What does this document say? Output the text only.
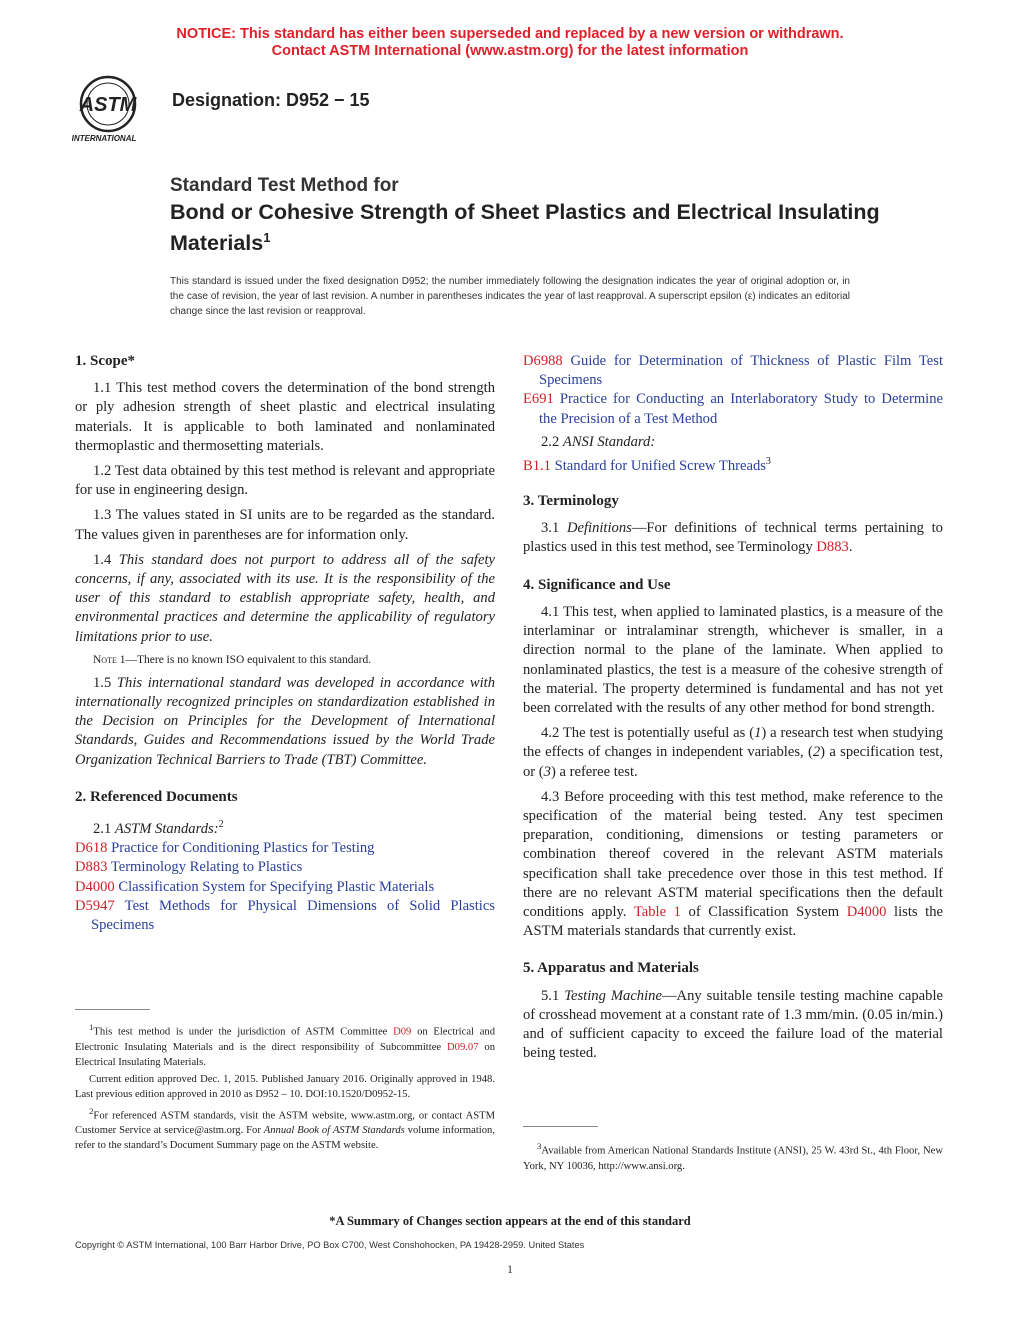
NOTICE: This standard has either been superseded and replaced by a new version or withdrawn.
Contact ASTM International (www.astm.org) for the latest information
ASTM
INTERNATIONAL
Designation: D952 − 15
Standard Test Method for
Bond or Cohesive Strength of Sheet Plastics and Electrical Insulating Materials$^1$
This standard is issued under the fixed designation D952; the number immediately following the designation indicates the year of original adoption or, in the case of revision, the year of last revision. A number in parentheses indicates the year of last reapproval. A superscript epsilon (ε) indicates an editorial change since the last revision or reapproval.
1. Scope*

1.1 This test method covers the determination of the bond strength or ply adhesion strength of sheet plastic and electrical insulating materials. It is applicable to both laminated and nonlaminated thermoplastic and thermosetting materials.

1.2 Test data obtained by this test method is relevant and appropriate for use in engineering design.

1.3 The values stated in SI units are to be regarded as the standard. The values given in parentheses are for information only.

1.4 This standard does not purport to address all of the safety concerns, if any, associated with its use. It is the responsibility of the user of this standard to establish appropriate safety, health, and environmental practices and determine the applicability of regulatory limitations prior to use.

Note 1—There is no known ISO equivalent to this standard.

1.5 This international standard was developed in accordance with internationally recognized principles on standardization established in the Decision on Principles for the Development of International Standards, Guides and Recommendations issued by the World Trade Organization Technical Barriers to Trade (TBT) Committee.

2. Referenced Documents

2.1 ASTM Standards:$^2$

D618 Practice for Conditioning Plastics for Testing
D883 Terminology Relating to Plastics
D4000 Classification System for Specifying Plastic Materials
D5947 Test Methods for Physical Dimensions of Solid Plastics Specimens
D6988 Guide for Determination of Thickness of Plastic Film Test Specimens
E691 Practice for Conducting an Interlaboratory Study to Determine the Precision of a Test Method

2.2 ANSI Standard:

B1.1 Standard for Unified Screw Threads$^3$
3. Terminology

3.1 Definitions—For definitions of technical terms pertaining to plastics used in this test method, see Terminology D883.

4. Significance and Use

4.1 This test, when applied to laminated plastics, is a measure of the interlaminar or intralaminar strength, whichever is smaller, in a direction normal to the plane of the laminate. When applied to nonlaminated plastics, the test is a measure of the cohesive strength of the material. The property determined is fundamental and has not yet been correlated with the results of any other method for bond strength.

4.2 The test is potentially useful as (1) a research test when studying the effects of changes in independent variables, (2) a specification test, or (3) a referee test.

4.3 Before proceeding with this test method, make reference to the specification of the material being tested. Any test specimen preparation, conditioning, dimensions or testing parameters or combination thereof covered in the relevant ASTM materials specification shall take precedence over those in this test method. If there are no relevant ASTM material specifications then the default conditions apply. Table 1 of Classification System D4000 lists the ASTM materials standards that currently exist.

5. Apparatus and Materials

5.1 Testing Machine—Any suitable tensile testing machine capable of crosshead movement at a constant rate of 1.3 mm/min. (0.05 in/min.) and of sufficient capacity to exceed the failure load of the material being tested.

$^1$This test method is under the jurisdiction of ASTM Committee D09 on Electrical and Electronic Insulating Materials and is the direct responsibility of Subcommittee D09.07 on Electrical Insulating Materials.

Current edition approved Dec. 1, 2015. Published January 2016. Originally approved in 1948. Last previous edition approved in 2010 as D952 – 10. DOI:10.1520/D0952-15.

$^2$For referenced ASTM standards, visit the ASTM website, www.astm.org, or contact ASTM Customer Service at service@astm.org. For Annual Book of ASTM Standards volume information, refer to the standard’s Document Summary page on the ASTM website.	$^3$Available from American National Standards Institute (ANSI), 25 W. 43rd St., 4th Floor, New York, NY 10036, http://www.ansi.org.

*A Summary of Changes section appears at the end of this standard
Copyright © ASTM International, 100 Barr Harbor Drive, PO Box C700, West Conshohocken, PA 19428-2959. United States
1
